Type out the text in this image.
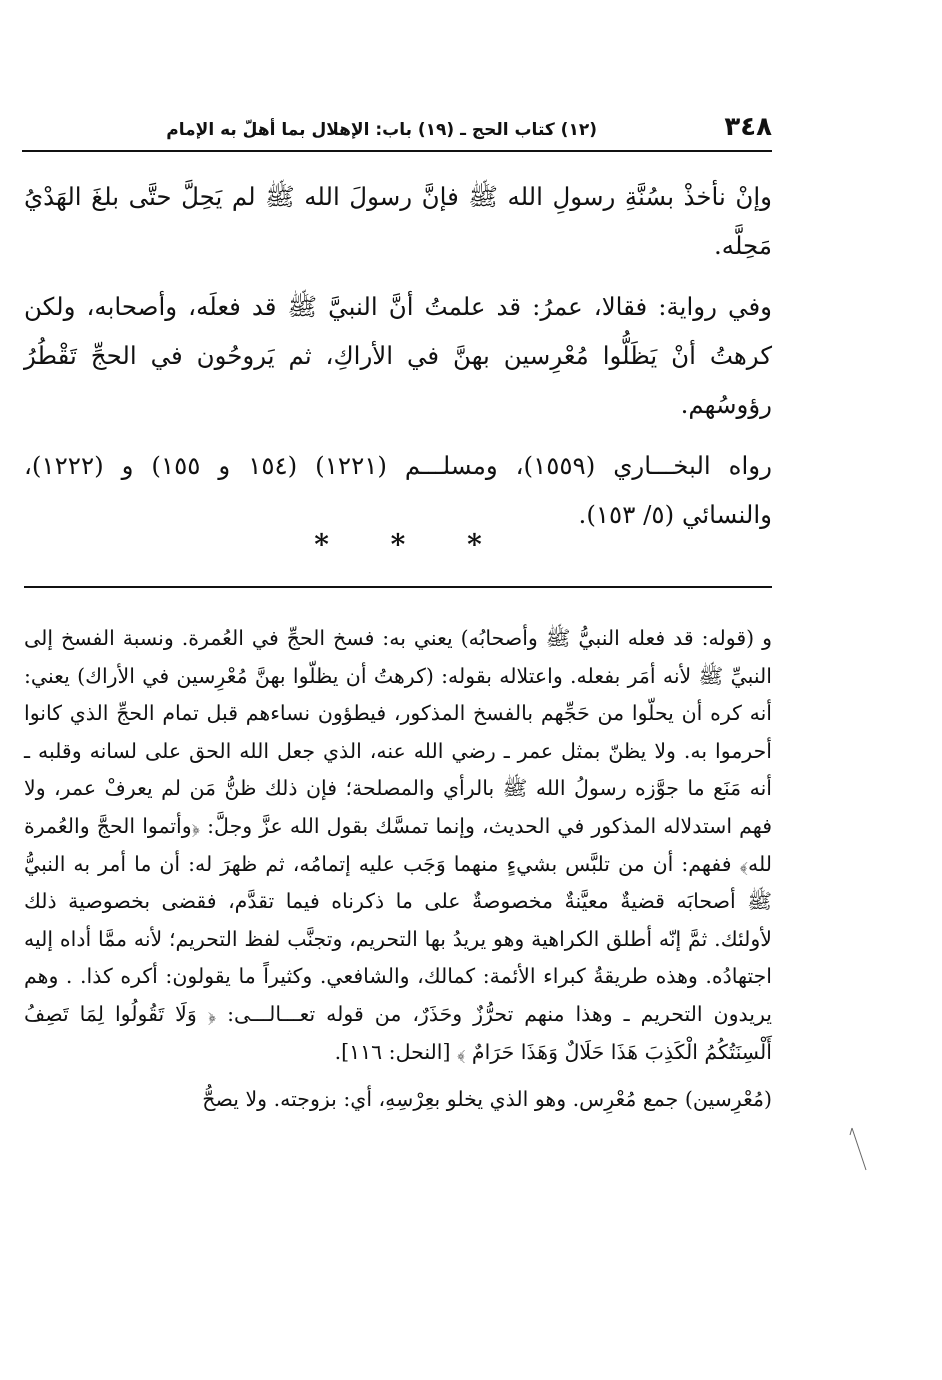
٣٤٨
(١٢) كتاب الحج ـ (١٩) باب: الإهلال بما أهلّ به الإمام

وإنْ نأخذْ بسُنَّةِ رسولِ الله ﷺ فإنَّ رسولَ الله ﷺ لم يَحِلَّ حتَّى بلغَ الهَدْيُ مَحِلَّه.

وفي رواية: فقالا، عمرُ: قد علمتُ أنَّ النبيَّ ﷺ قد فعلَه، وأصحابه، ولكن كرهتُ أنْ يَظَلُّوا مُعْرِسين بهنَّ في الأراكِ، ثم يَروحُون في الحجِّ تَقْطُرُ رؤوسُهم.

رواه البخـــاري (١٥٥٩)، ومسلـــم (١٢٢١) (١٥٤ و ١٥٥) و (١٢٢٢)، والنسائي (٥/ ١٥٣).

* * *

و (قوله: قد فعله النبيُّ ﷺ وأصحابُه) يعني به: فسخ الحجِّ في العُمرة. ونسبة الفسخ إلى النبيِّ ﷺ لأنه أمَر بفعله. واعتلاله بقوله: (كرهتُ أن يظلّوا بهنَّ مُعْرِسين في الأراك) يعني: أنه كره أن يحلّوا من حَجِّهم بالفسخ المذكور، فيطؤون نساءهم قبل تمام الحجِّ الذي كانوا أحرموا به. ولا يظنّ بمثل عمر ـ رضي الله عنه، الذي جعل الله الحق على لسانه وقلبه ـ أنه مَنَع ما جوَّزه رسولُ الله ﷺ بالرأي والمصلحة؛ فإن ذلك ظنُّ مَن لم يعرفْ عمر، ولا فهم استدلاله المذكور في الحديث، وإنما تمسَّك بقول الله عزَّ وجلَّ: ﴿وأتموا الحجَّ والعُمرة لله﴾ ففهم: أن من تلبَّس بشيءٍ منهما وَجَب عليه إتمامُه، ثم ظهرَ له: أن ما أمر به النبيُّ ﷺ أصحابَه قضيةٌ معيَّنةٌ مخصوصةٌ على ما ذكرناه فيما تقدَّم، فقضى بخصوصية ذلك لأولئك. ثمَّ إنّه أطلق الكراهية وهو يريدُ بها التحريم، وتجنَّب لفظ التحريم؛ لأنه ممَّا أداه إليه اجتهادُه. وهذه طريقةُ كبراء الأئمة: كمالك، والشافعي. وكثيراً ما يقولون: أكره كذا. . وهم يريدون التحريم ـ وهذا منهم تحرُّزٌ وحَذَرٌ، من قوله تعـــالـــى: ﴿ وَلَا تَقُولُوا لِمَا تَصِفُ أَلْسِنَتُكُمُ الْكَذِبَ هَذَا حَلَالٌ وَهَذَا حَرَامٌ ﴾ [النحل: ١١٦].

(مُعْرِسين) جمع مُعْرِس. وهو الذي يخلو بعِرْسِهِ، أي: بزوجته. ولا يصحُّ
